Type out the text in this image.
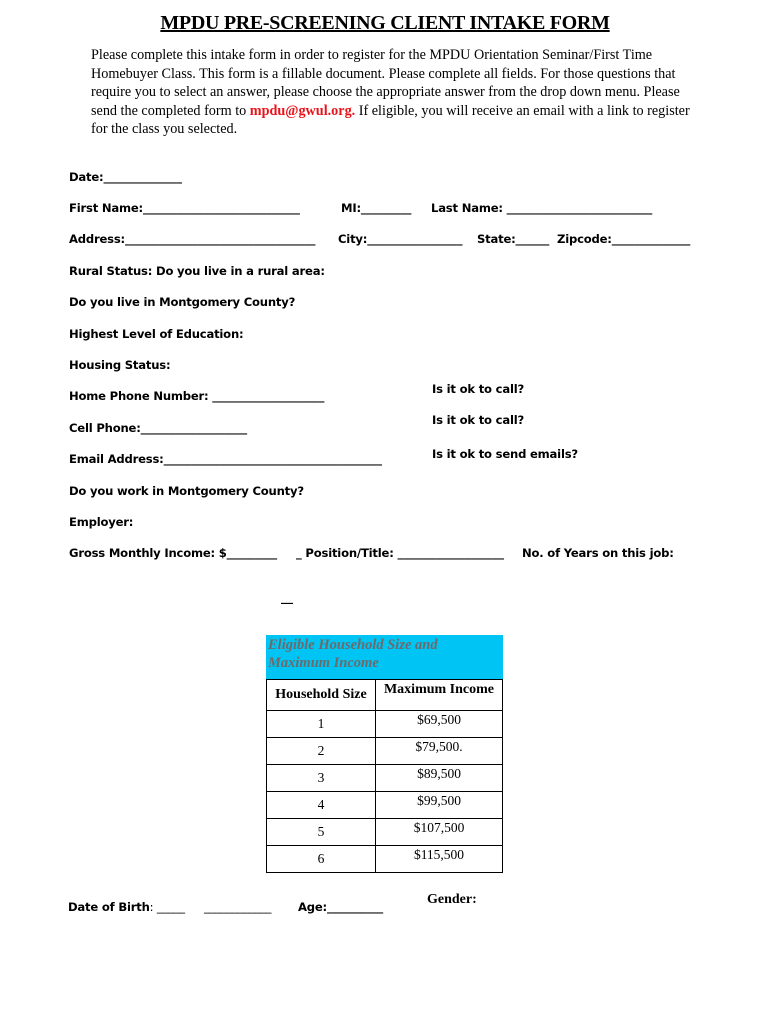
MPDU PRE-SCREENING CLIENT INTAKE FORM
Please complete this intake form in order to register for the MPDU Orientation Seminar/First Time Homebuyer Class. This form is a fillable document. Please complete all fields. For those questions that require you to select an answer, please choose the appropriate answer from the drop down menu. Please send the completed form to mpdu@gwul.org. If eligible, you will receive an email with a link to register for the class you selected.
Date:______________
First Name:____________________________	MI:_________ Last Name: __________________________
Address:__________________________________ City:_________________ State:______ Zipcode:______________
Rural Status: Do you live in a rural area:
Do you live in Montgomery County?
Highest Level of Education:
Housing Status:
Home Phone Number: ____________________	Is it ok to call?
Cell Phone:___________________
Is it ok to call?
Email Address:_______________________________________	Is it ok to send emails?
Do you work in Montgomery County?
Employer:
Gross Monthly Income: $_________ _ Position/Title: ___________________ No. of Years on this job:
__
Eligible Household Size and Maximum Income
Household Size	Maximum Income
1	$69,500
2	$79,500.
3	$89,500
4	$99,500
5	$107,500
6	$115,500
Date of Birth: _____ ____________ Age:__________	Gender:
